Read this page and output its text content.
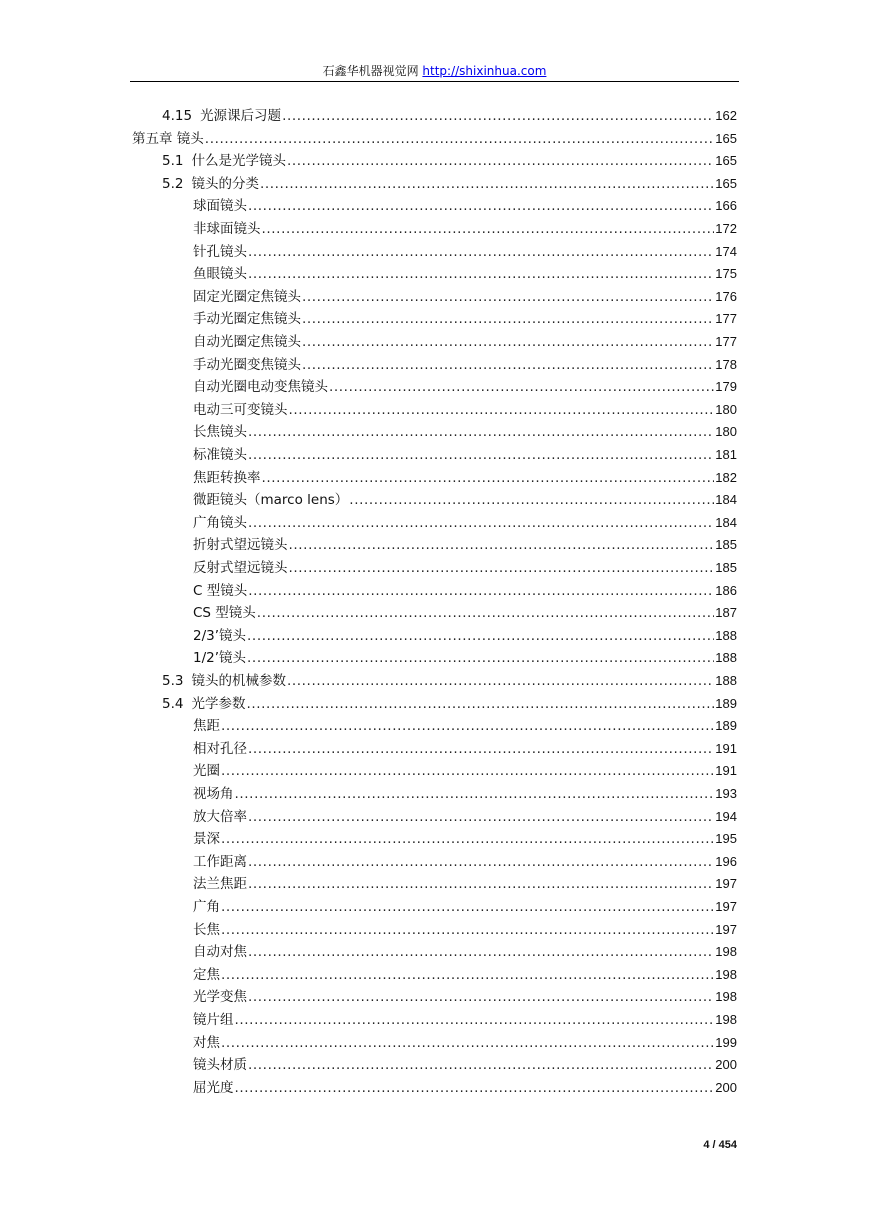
石鑫华机器视觉网 http://shixinhua.com
4.15 光源课后习题 .....	162
第五章 镜头 .....	165
5.1 什么是光学镜头 .....	165
5.2 镜头的分类 .....	165
球面镜头 .....	166
非球面镜头 .....	172
针孔镜头 .....	174
鱼眼镜头 .....	175
固定光圈定焦镜头 .....	176
手动光圈定焦镜头 .....	177
自动光圈定焦镜头 .....	177
手动光圈变焦镜头 .....	178
自动光圈电动变焦镜头 .....	179
电动三可变镜头 .....	180
长焦镜头 .....	180
标准镜头 .....	181
焦距转换率 .....	182
微距镜头（marco lens） .....	184
广角镜头 .....	184
折射式望远镜头 .....	185
反射式望远镜头 .....	185
C 型镜头 .....	186
CS 型镜头 .....	187
2/3’镜头 .....	188
1/2’镜头 .....	188
5.3 镜头的机械参数 .....	188
5.4 光学参数 .....	189
焦距 .....	189
相对孔径 .....	191
光圈 .....	191
视场角 .....	193
放大倍率 .....	194
景深 .....	195
工作距离 .....	196
法兰焦距 .....	197
广角 .....	197
长焦 .....	197
自动对焦 .....	198
定焦 .....	198
光学变焦 .....	198
镜片组 .....	198
对焦 .....	199
镜头材质 .....	200
屈光度 .....	200
4 / 454
